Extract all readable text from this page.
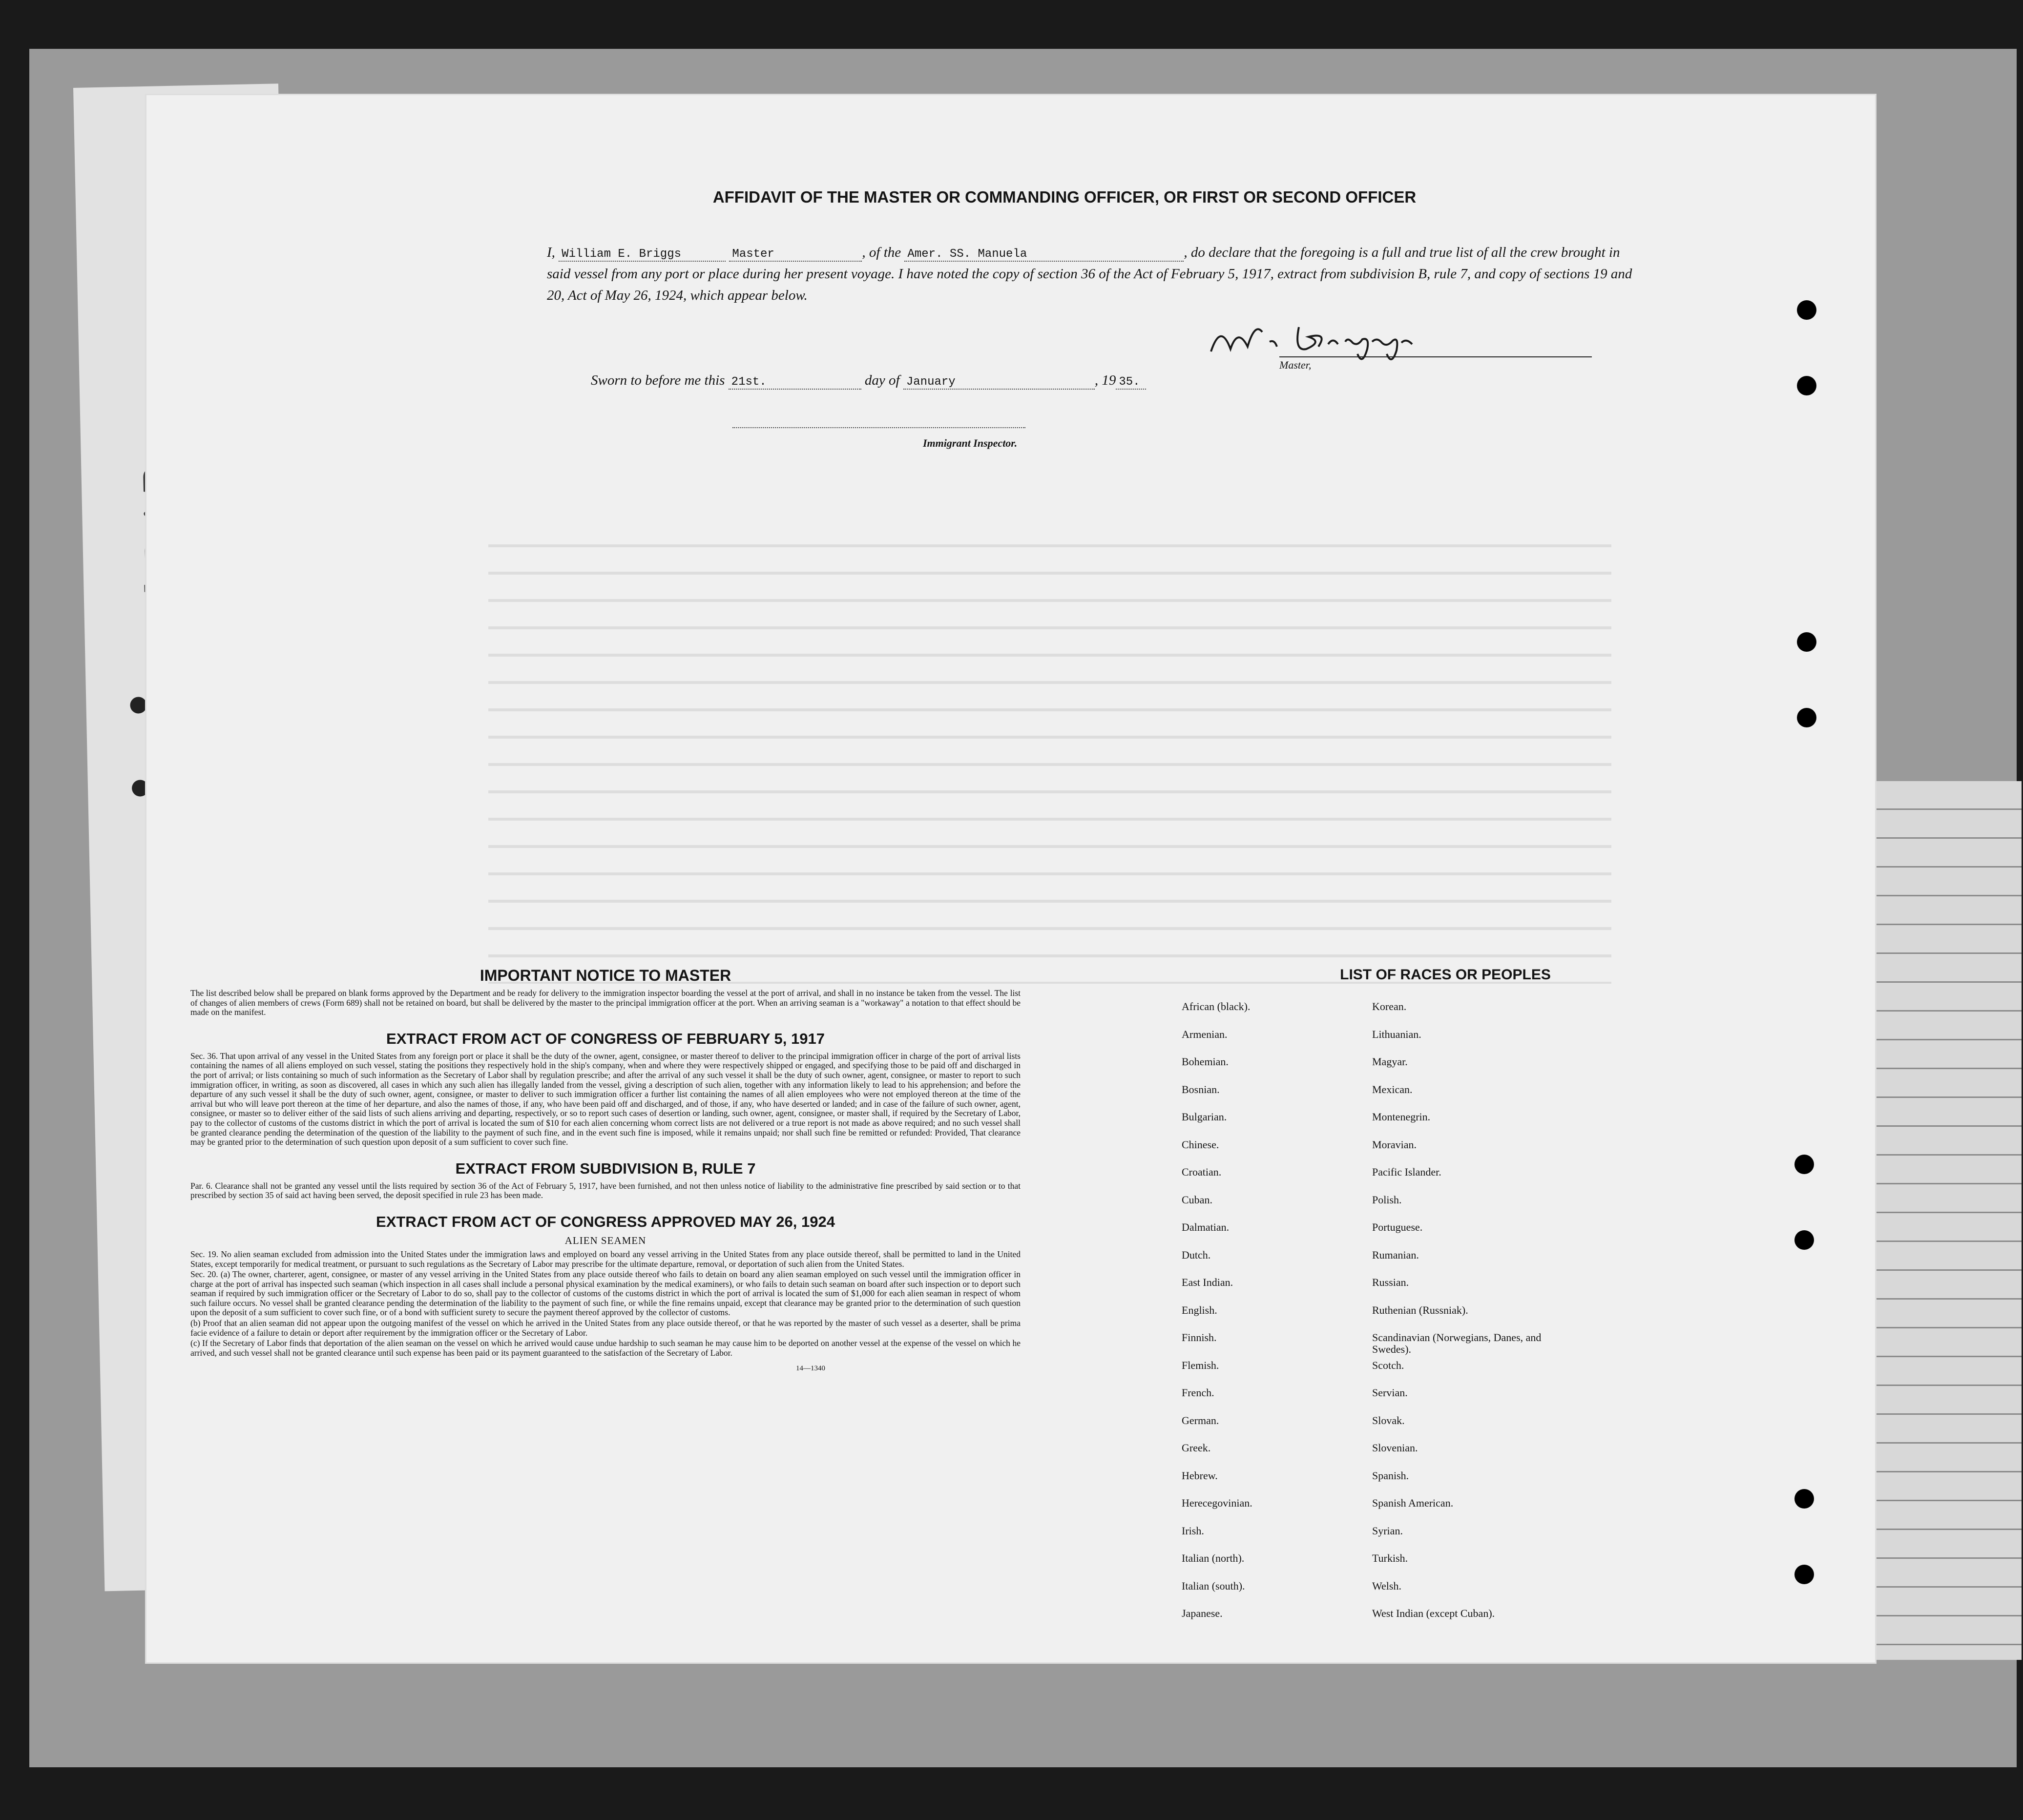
AFFIDAVIT OF THE MASTER OR COMMANDING OFFICER, OR FIRST OR SECOND OFFICER
I, William E. Briggs	Master	, of the Amer. SS. Manuela	, do declare that the foregoing is a full and true list of all the crew brought in said vessel from any port or place during her present voyage. I have noted the copy of section 36 of the Act of February 5, 1917, extract from subdivision B, rule 7, and copy of sections 19 and 20, Act of May 26, 1924, which appear below.
Master,
Sworn to before me this 21st.	day of January	, 19 35.
Immigrant Inspector.
IMPORTANT NOTICE TO MASTER

The list described below shall be prepared on blank forms approved by the Department and be ready for delivery to the immigration inspector boarding the vessel at the port of arrival, and shall in no instance be taken from the vessel. The list of changes of alien members of crews (Form 689) shall not be retained on board, but shall be delivered by the master to the principal immigration officer at the port. When an arriving seaman is a "workaway" a notation to that effect should be made on the manifest.

EXTRACT FROM ACT OF CONGRESS OF FEBRUARY 5, 1917

Sec. 36. That upon arrival of any vessel in the United States from any foreign port or place it shall be the duty of the owner, agent, consignee, or master thereof to deliver to the principal immigration officer in charge of the port of arrival lists containing the names of all aliens employed on such vessel, stating the positions they respectively hold in the ship's company, when and where they were respectively shipped or engaged, and specifying those to be paid off and discharged in the port of arrival; or lists containing so much of such information as the Secretary of Labor shall by regulation prescribe; and after the arrival of any such vessel it shall be the duty of such owner, agent, consignee, or master to report to such immigration officer, in writing, as soon as discovered, all cases in which any such alien has illegally landed from the vessel, giving a description of such alien, together with any information likely to lead to his apprehension; and before the departure of any such vessel it shall be the duty of such owner, agent, consignee, or master to deliver to such immigration officer a further list containing the names of all alien employees who were not employed thereon at the time of the arrival but who will leave port thereon at the time of her departure, and also the names of those, if any, who have been paid off and discharged, and of those, if any, who have deserted or landed; and in case of the failure of such owner, agent, consignee, or master so to deliver either of the said lists of such aliens arriving and departing, respectively, or so to report such cases of desertion or landing, such owner, agent, consignee, or master shall, if required by the Secretary of Labor, pay to the collector of customs of the customs district in which the port of arrival is located the sum of $10 for each alien concerning whom correct lists are not delivered or a true report is not made as above required; and no such vessel shall be granted clearance pending the determination of the question of the liability to the payment of such fine, and in the event such fine is imposed, while it remains unpaid; nor shall such fine be remitted or refunded: Provided, That clearance may be granted prior to the determination of such question upon deposit of a sum sufficient to cover such fine.

EXTRACT FROM SUBDIVISION B, RULE 7

Par. 6. Clearance shall not be granted any vessel until the lists required by section 36 of the Act of February 5, 1917, have been furnished, and not then unless notice of liability to the administrative fine prescribed by said section or to that prescribed by section 35 of said act having been served, the deposit specified in rule 23 has been made.

EXTRACT FROM ACT OF CONGRESS APPROVED MAY 26, 1924
ALIEN SEAMEN

Sec. 19. No alien seaman excluded from admission into the United States under the immigration laws and employed on board any vessel arriving in the United States from any place outside thereof, shall be permitted to land in the United States, except temporarily for medical treatment, or pursuant to such regulations as the Secretary of Labor may prescribe for the ultimate departure, removal, or deportation of such alien from the United States.

Sec. 20. (a) The owner, charterer, agent, consignee, or master of any vessel arriving in the United States from any place outside thereof who fails to detain on board any alien seaman employed on such vessel until the immigration officer in charge at the port of arrival has inspected such seaman (which inspection in all cases shall include a personal physical examination by the medical examiners), or who fails to detain such seaman on board after such inspection or to deport such seaman if required by such immigration officer or the Secretary of Labor to do so, shall pay to the collector of customs of the customs district in which the port of arrival is located the sum of $1,000 for each alien seaman in respect of whom such failure occurs. No vessel shall be granted clearance pending the determination of the liability to the payment of such fine, or while the fine remains unpaid, except that clearance may be granted prior to the determination of such question upon the deposit of a sum sufficient to cover such fine, or of a bond with sufficient surety to secure the payment thereof approved by the collector of customs.

(b) Proof that an alien seaman did not appear upon the outgoing manifest of the vessel on which he arrived in the United States from any place outside thereof, or that he was reported by the master of such vessel as a deserter, shall be prima facie evidence of a failure to detain or deport after requirement by the immigration officer or the Secretary of Labor.

(c) If the Secretary of Labor finds that deportation of the alien seaman on the vessel on which he arrived would cause undue hardship to such seaman he may cause him to be deported on another vessel at the expense of the vessel on which he arrived, and such vessel shall not be granted clearance until such expense has been paid or its payment guaranteed to the satisfaction of the Secretary of Labor.

14—1340
LIST OF RACES OR PEOPLES
African (black).	Korean.
Armenian.	Lithuanian.
Bohemian.	Magyar.
Bosnian.	Mexican.
Bulgarian.	Montenegrin.
Chinese.	Moravian.
Croatian.	Pacific Islander.
Cuban.	Polish.
Dalmatian.	Portuguese.
Dutch.	Rumanian.
East Indian.	Russian.
English.	Ruthenian (Russniak).
Finnish.	Scandinavian (Norwegians, Danes, and Swedes).
Flemish.	Scotch.
French.	Servian.
German.	Slovak.
Greek.	Slovenian.
Hebrew.	Spanish.
Herecegovinian.	Spanish American.
Irish.	Syrian.
Italian (north).	Turkish.
Italian (south).	Welsh.
Japanese.	West Indian (except Cuban).
